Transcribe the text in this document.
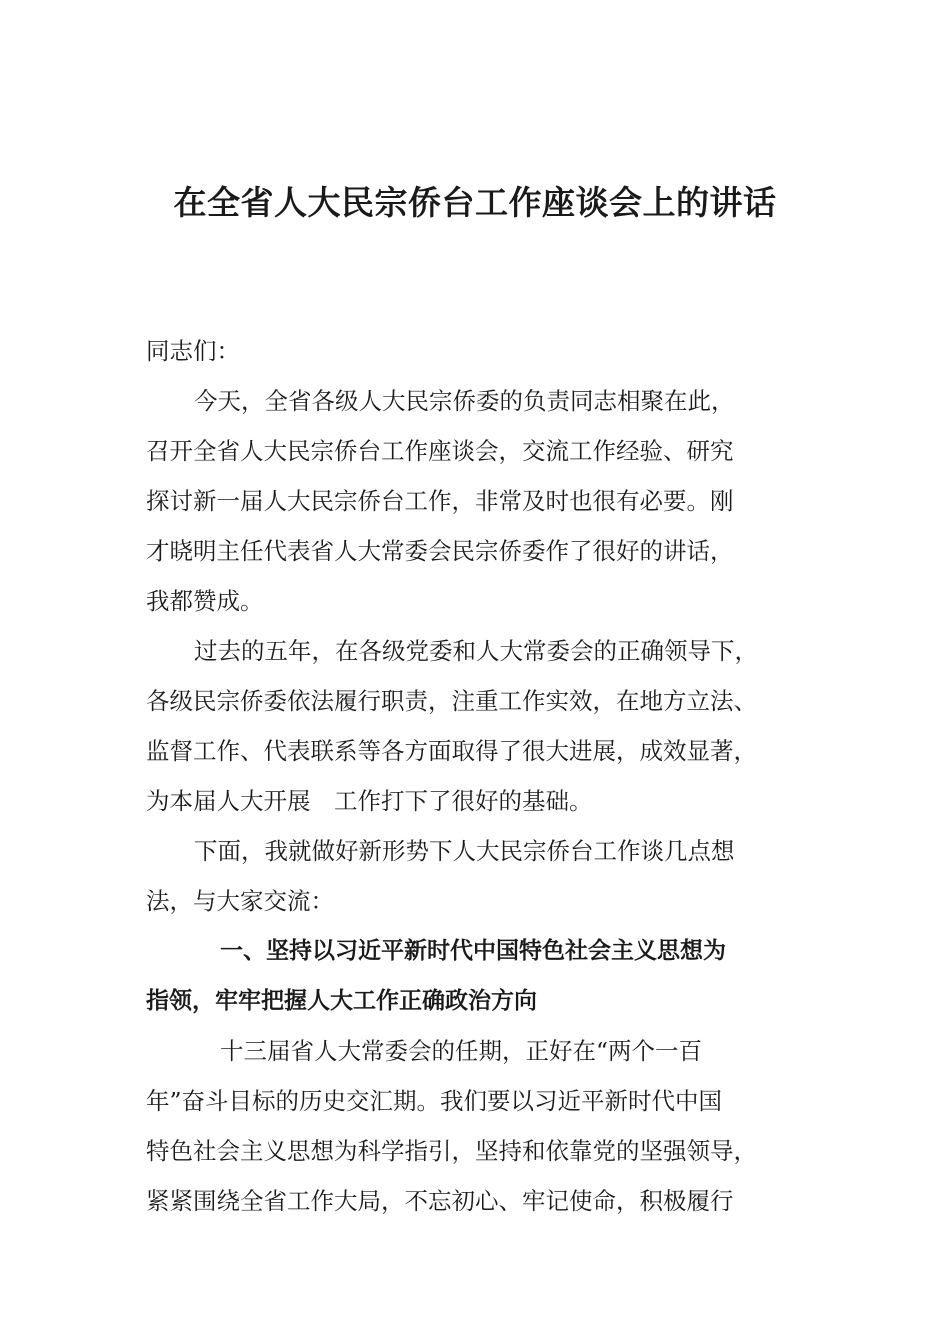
在全省人大民宗侨台工作座谈会上的讲话
同志们：
今天，全省各级人大民宗侨委的负责同志相聚在此，
召开全省人大民宗侨台工作座谈会，交流工作经验、研究
探讨新一届人大民宗侨台工作，非常及时也很有必要。刚
才晓明主任代表省人大常委会民宗侨委作了很好的讲话，
我都赞成。
过去的五年，在各级党委和人大常委会的正确领导下，
各级民宗侨委依法履行职责，注重工作实效，在地方立法、
监督工作、代表联系等各方面取得了很大进展，成效显著，
为本届人大开展　工作打下了很好的基础。
下面，我就做好新形势下人大民宗侨台工作谈几点想
法，与大家交流：
一、坚持以习近平新时代中国特色社会主义思想为
指领，牢牢把握人大工作正确政治方向
十三届省人大常委会的任期，正好在“两个一百
年”奋斗目标的历史交汇期。我们要以习近平新时代中国
特色社会主义思想为科学指引，坚持和依靠党的坚强领导，
紧紧围绕全省工作大局，不忘初心、牢记使命，积极履行
